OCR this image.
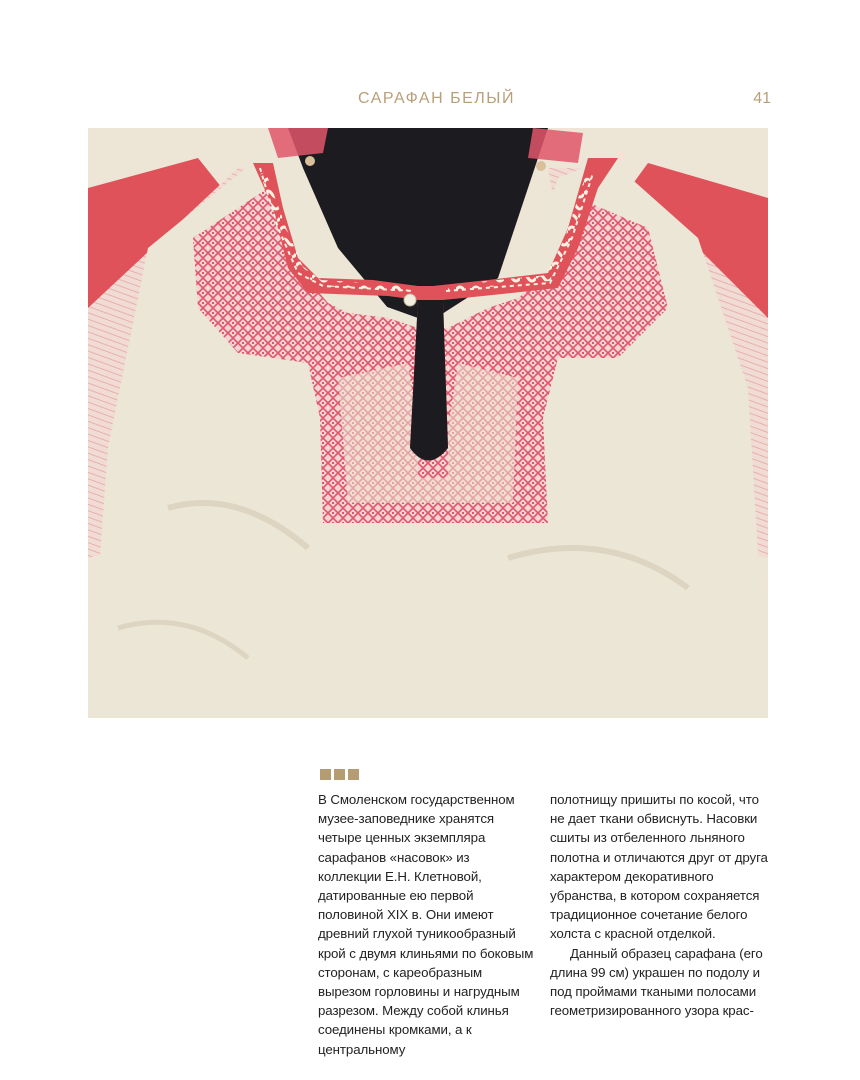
САРАФАН БЕЛЫЙ	41

В Смоленском государственном музее-заповеднике хранятся четыре ценных экземпляра сарафанов «насовок» из коллекции Е.Н. Клетновой, датированные ею первой половиной XIX в. Они имеют древний глухой туникообразный крой с двумя клиньями по боковым сторонам, с карeoбразным вырезом горловины и нагрудным разрезом. Между собой клинья соединены кромками, а к центральному

полотнищу пришиты по косой, что не дает ткани обвиснуть. Насовки сшиты из отбеленного льняного полотна и отличаются друг от друга характером декоративного убранства, в котором сохраняется традиционное сочетание белого холста с красной отделкой.

Данный образец сарафана (его длина 99 см) украшен по подолу и под проймами ткаными полосами геометризированного узора крас-
